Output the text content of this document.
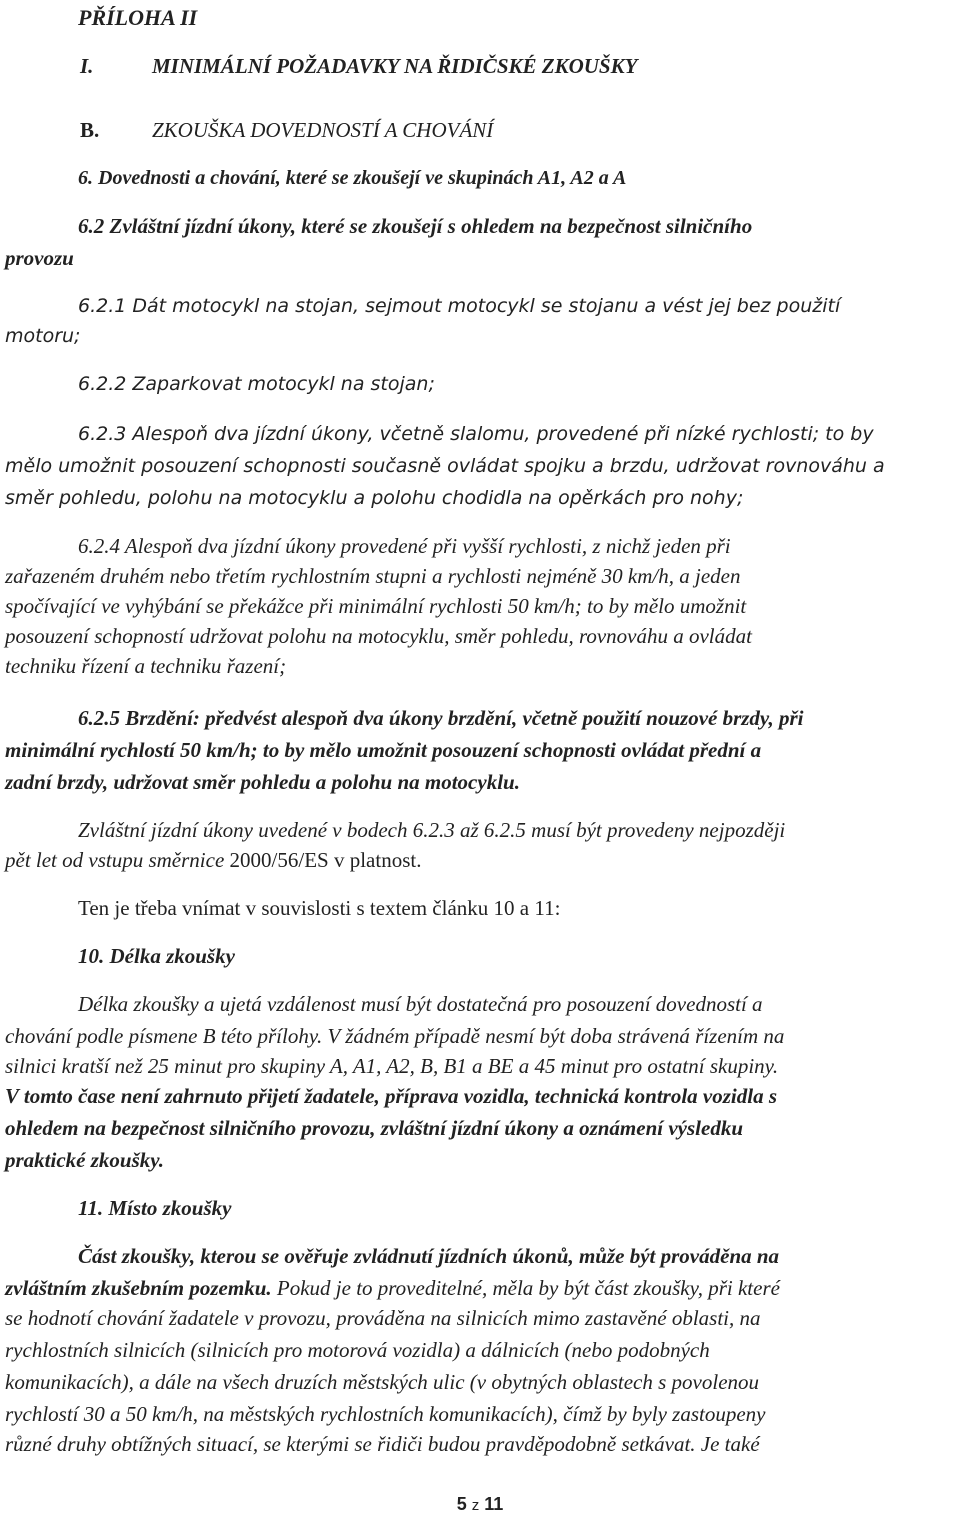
PŘÍLOHA II
I.	MINIMÁLNÍ POŽADAVKY NA ŘIDIČSKÉ ZKOUŠKY
B.	ZKOUŠKA DOVEDNOSTÍ A CHOVÁNÍ
6. Dovednosti a chování, které se zkoušejí ve skupinách A1, A2 a A
6.2 Zvláštní jízdní úkony, které se zkoušejí s ohledem na bezpečnost silničního
provozu
6.2.1 Dát motocykl na stojan, sejmout motocykl se stojanu a vést jej bez použití
motoru;
6.2.2 Zaparkovat motocykl na stojan;
6.2.3 Alespoň dva jízdní úkony, včetně slalomu, provedené při nízké rychlosti; to by
mělo umožnit posouzení schopnosti současně ovládat spojku a brzdu, udržovat rovnováhu a
směr pohledu, polohu na motocyklu a polohu chodidla na opěrkách pro nohy;
6.2.4 Alespoň dva jízdní úkony provedené při vyšší rychlosti, z nichž jeden při
zařazeném druhém nebo třetím rychlostním stupni a rychlosti nejméně 30 km/h, a jeden
spočívající ve vyhýbání se překážce při minimální rychlosti 50 km/h; to by mělo umožnit
posouzení schopností udržovat polohu na motocyklu, směr pohledu, rovnováhu a ovládat
techniku řízení a techniku řazení;
6.2.5 Brzdění: předvést alespoň dva úkony brzdění, včetně použití nouzové brzdy, při
minimální rychlostí 50 km/h; to by mělo umožnit posouzení schopnosti ovládat přední a
zadní brzdy, udržovat směr pohledu a polohu na motocyklu.
Zvláštní jízdní úkony uvedené v bodech 6.2.3 až 6.2.5 musí být provedeny nejpozději
pět let od vstupu směrnice 2000/56/ES v platnost.
Ten je třeba vnímat v souvislosti s textem článku 10 a 11:
10. Délka zkoušky
Délka zkoušky a ujetá vzdálenost musí být dostatečná pro posouzení dovedností a
chování podle písmene B této přílohy. V žádném případě nesmí být doba strávená řízením na
silnici kratší než 25 minut pro skupiny A, A1, A2, B, B1 a BE a 45 minut pro ostatní skupiny.
V tomto čase není zahrnuto přijetí žadatele, příprava vozidla, technická kontrola vozidla s
ohledem na bezpečnost silničního provozu, zvláštní jízdní úkony a oznámení výsledku
praktické zkoušky.
11. Místo zkoušky
Část zkoušky, kterou se ověřuje zvládnutí jízdních úkonů, může být prováděna na
zvláštním zkušebním pozemku. Pokud je to proveditelné, měla by být část zkoušky, při které
se hodnotí chování žadatele v provozu, prováděna na silnicích mimo zastavěné oblasti, na
rychlostních silnicích (silnicích pro motorová vozidla) a dálnicích (nebo podobných
komunikacích), a dále na všech druzích městských ulic (v obytných oblastech s povolenou
rychlostí 30 a 50 km/h, na městských rychlostních komunikacích), čímž by byly zastoupeny
různé druhy obtížných situací, se kterými se řidiči budou pravděpodobně setkávat. Je také
5 z 11
